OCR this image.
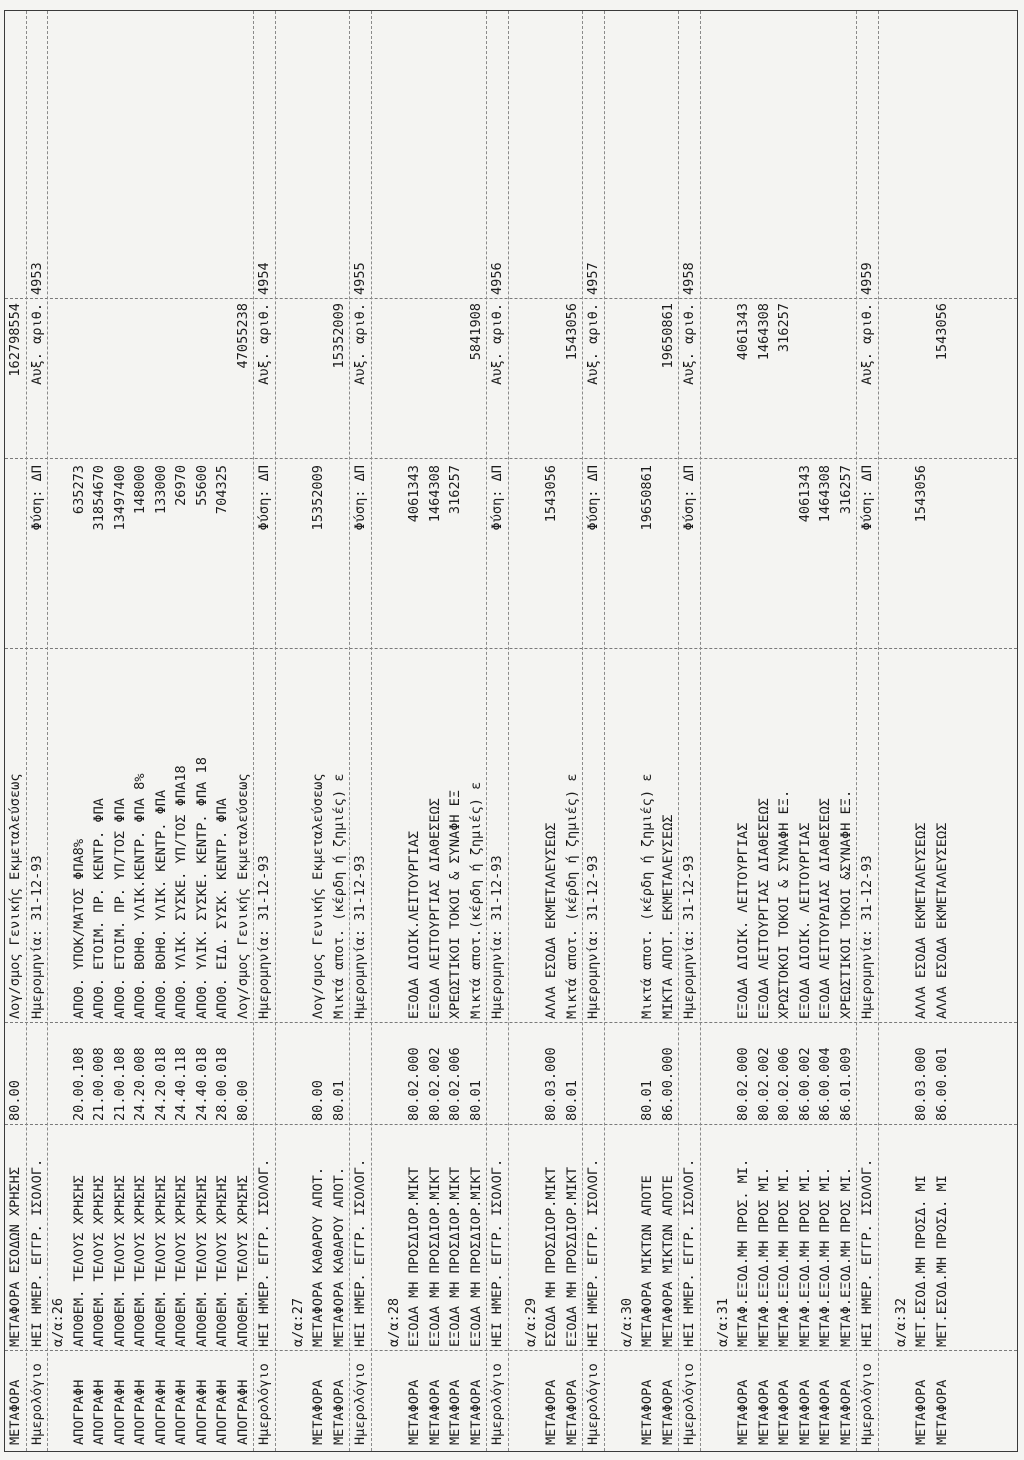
ΜΕΤΑΦΟΡΑ
ΜΕΤΑΦΟΡΑ ΕΣΟΔΩΝ ΧΡΗΣΗΣ
80.00
Λογ/σμος Γενικής Εκμεταλεύσεως
162798554
Ημερολόγιο
ΗΕΙ ΗΜΕΡ. ΕΓΓΡ. ΙΣΟΛΟΓ.
Ημερομηνία: 31-12-93
Φύση: ΔΠ
Αυξ. αριθ.
4953
α/α:26
ΑΠΟΓΡΑΦΗ
ΑΠΟΘΕΜ. ΤΕΛΟΥΣ ΧΡΗΣΗΣ
20.00.108
ΑΠΟΘ. ΥΠΟΚ/ΜΑΤΟΣ ΦΠΑ8%
635273
ΑΠΟΓΡΑΦΗ
ΑΠΟΘΕΜ. ΤΕΛΟΥΣ ΧΡΗΣΗΣ
21.00.008
ΑΠΟΘ. ΕΤΟΙΜ. ΠΡ. ΚΕΝΤΡ. ΦΠΑ
31854670
ΑΠΟΓΡΑΦΗ
ΑΠΟΘΕΜ. ΤΕΛΟΥΣ ΧΡΗΣΗΣ
21.00.108
ΑΠΟΘ. ΕΤΟΙΜ. ΠΡ. ΥΠ/ΤΟΣ ΦΠΑ
13497400
ΑΠΟΓΡΑΦΗ
ΑΠΟΘΕΜ. ΤΕΛΟΥΣ ΧΡΗΣΗΣ
24.20.008
ΑΠΟΘ. ΒΟΗΘ. ΥΛΙΚ.ΚΕΝΤΡ. ΦΠΑ 8%
148000
ΑΠΟΓΡΑΦΗ
ΑΠΟΘΕΜ. ΤΕΛΟΥΣ ΧΡΗΣΗΣ
24.20.018
ΑΠΟΘ. ΒΟΗΘ. ΥΛΙΚ. ΚΕΝΤΡ. ΦΠΑ
133000
ΑΠΟΓΡΑΦΗ
ΑΠΟΘΕΜ. ΤΕΛΟΥΣ ΧΡΗΣΗΣ
24.40.118
ΑΠΟΘ. ΥΛΙΚ. ΣΥΣΚΕ. ΥΠ/ΤΟΣ ΦΠΑ18
26970
ΑΠΟΓΡΑΦΗ
ΑΠΟΘΕΜ. ΤΕΛΟΥΣ ΧΡΗΣΗΣ
24.40.018
ΑΠΟΘ. ΥΛΙΚ. ΣΥΣΚΕ. ΚΕΝΤΡ. ΦΠΑ 18
55600
ΑΠΟΓΡΑΦΗ
ΑΠΟΘΕΜ. ΤΕΛΟΥΣ ΧΡΗΣΗΣ
28.00.018
ΑΠΟΘ. ΕΙΔ. ΣΥΣΚ. ΚΕΝΤΡ. ΦΠΑ
704325
ΑΠΟΓΡΑΦΗ
ΑΠΟΘΕΜ. ΤΕΛΟΥΣ ΧΡΗΣΗΣ
80.00
Λογ/σμος Γενικής Εκμεταλεύσεως
47055238
Ημερολόγιο
ΗΕΙ ΗΜΕΡ. ΕΓΓΡ. ΙΣΟΛΟΓ.
Ημερομηνία: 31-12-93
Φύση: ΔΠ
Αυξ. αριθ.
4954
α/α:27
ΜΕΤΑΦΟΡΑ
ΜΕΤΑΦΟΡΑ ΚΑΘΑΡΟΥ ΑΠΟΤ.
80.00
Λογ/σμος Γενικής Εκμεταλεύσεως
15352009
ΜΕΤΑΦΟΡΑ
ΜΕΤΑΦΟΡΑ ΚΑΘΑΡΟΥ ΑΠΟΤ.
80.01
Μικτά αποτ. (κέρδη ή ζημιές) ε
15352009
Ημερολόγιο
ΗΕΙ ΗΜΕΡ. ΕΓΓΡ. ΙΣΟΛΟΓ.
Ημερομηνία: 31-12-93
Φύση: ΔΠ
Αυξ. αριθ.
4955
α/α:28
ΜΕΤΑΦΟΡΑ
ΕΞΟΔΑ ΜΗ ΠΡΟΣΔΙΟΡ.ΜΙΚΤ
80.02.000
ΕΞΟΔΑ ΔΙΟΙΚ.ΛΕΙΤΟΥΡΓΙΑΣ
4061343
ΜΕΤΑΦΟΡΑ
ΕΞΟΔΑ ΜΗ ΠΡΟΣΔΙΟΡ.ΜΙΚΤ
80.02.002
ΕΞΟΔΑ ΛΕΙΤΟΥΡΓΙΑΣ ΔΙΑΘΕΣΕΩΣ
1464308
ΜΕΤΑΦΟΡΑ
ΕΞΟΔΑ ΜΗ ΠΡΟΣΔΙΟΡ.ΜΙΚΤ
80.02.006
ΧΡΕΩΣΤΙΚΟΙ ΤΟΚΟΙ & ΣΥΝΑΦΗ ΕΞ
316257
ΜΕΤΑΦΟΡΑ
ΕΞΟΔΑ ΜΗ ΠΡΟΣΔΙΟΡ.ΜΙΚΤ
80.01
Μικτά αποτ.(κέρδη ή ζημιές) ε
5841908
Ημερολόγιο
ΗΕΙ ΗΜΕΡ. ΕΓΓΡ. ΙΣΟΛΟΓ.
Ημερομηνία: 31-12-93
Φύση: ΔΠ
Αυξ. αριθ.
4956
α/α:29
ΜΕΤΑΦΟΡΑ
ΕΣΟΔΑ ΜΗ ΠΡΟΣΔΙΟΡ.ΜΙΚΤ
80.03.000
ΑΛΛΑ ΕΣΟΔΑ ΕΚΜΕΤΑΛΕΥΣΕΩΣ
1543056
ΜΕΤΑΦΟΡΑ
ΕΞΟΔΑ ΜΗ ΠΡΟΣΔΙΟΡ.ΜΙΚΤ
80.01
Μικτά αποτ. (κέρδη ή ζημιές) ε
1543056
Ημερολόγιο
ΗΕΙ ΗΜΕΡ. ΕΓΓΡ. ΙΣΟΛΟΓ.
Ημερομηνία: 31-12-93
Φύση: ΔΠ
Αυξ. αριθ.
4957
α/α:30
ΜΕΤΑΦΟΡΑ
ΜΕΤΑΦΟΡΑ ΜΙΚΤΩΝ ΑΠΟΤΕ
80.01
Μικτά αποτ. (κέρδη ή ζημιές) ε
19650861
ΜΕΤΑΦΟΡΑ
ΜΕΤΑΦΟΡΑ ΜΙΚΤΩΝ ΑΠΟΤΕ
86.00.000
ΜΙΚΤΑ ΑΠΟΤ. ΕΚΜΕΤΑΛΕΥΣΕΩΣ
19650861
Ημερολόγιο
ΗΕΙ ΗΜΕΡ. ΕΓΓΡ. ΙΣΟΛΟΓ.
Ημερομηνία: 31-12-93
Φύση: ΔΠ
Αυξ. αριθ.
4958
α/α:31
ΜΕΤΑΦΟΡΑ
ΜΕΤΑΦ.ΕΞΟΔ.ΜΗ ΠΡΟΣ. ΜΙ.
80.02.000
ΕΞΟΔΑ ΔΙΟΙΚ. ΛΕΙΤΟΥΡΓΙΑΣ
4061343
ΜΕΤΑΦΟΡΑ
ΜΕΤΑΦ.ΕΞΟΔ.ΜΗ ΠΡΟΣ ΜΙ.
80.02.002
ΕΞΟΔΑ ΛΕΙΤΟΥΡΓΙΑΣ ΔΙΑΘΕΣΕΩΣ
1464308
ΜΕΤΑΦΟΡΑ
ΜΕΤΑΦ.ΕΞΟΔ.ΜΗ ΠΡΟΣ ΜΙ.
80.02.006
ΧΡΩΣΤΟΚΟΙ ΤΟΚΟΙ & ΣΥΝΑΦΗ ΕΞ.
316257
ΜΕΤΑΦΟΡΑ
ΜΕΤΑΦ.ΕΞΟΔ.ΜΗ ΠΡΟΣ ΜΙ.
86.00.002
ΕΞΟΔΑ ΔΙΟΙΚ. ΛΕΙΤΟΥΡΓΙΑΣ
4061343
ΜΕΤΑΦΟΡΑ
ΜΕΤΑΦ.ΕΞΟΔ.ΜΗ ΠΡΟΣ ΜΙ.
86.00.004
ΕΞΟΔΑ ΛΕΙΤΟΥΡΔΙΑΣ ΔΙΑΘΕΣΕΩΣ
1464308
ΜΕΤΑΦΟΡΑ
ΜΕΤΑΦ.ΕΞΟΔ.ΜΗ ΠΡΟΣ ΜΙ.
86.01.009
ΧΡΕΩΣΤΙΚΟΙ ΤΟΚΟΙ &ΣΥΝΑΦΗ ΕΞ.
316257
Ημερολόγιο
ΗΕΙ ΗΜΕΡ. ΕΓΓΡ. ΙΣΟΛΟΓ.
Ημερομηνία: 31-12-93
Φύση: ΔΠ
Αυξ. αριθ.
4959
α/α:32
ΜΕΤΑΦΟΡΑ
ΜΕΤ.ΕΣΟΔ.ΜΗ ΠΡΟΣΔ. ΜΙ
80.03.000
ΑΛΛΑ ΕΣΟΔΑ ΕΚΜΕΤΑΛΕΥΣΕΩΣ
1543056
ΜΕΤΑΦΟΡΑ
ΜΕΤ.ΕΣΟΔ.ΜΗ ΠΡΟΣΔ. ΜΙ
86.00.001
ΑΛΛΑ ΕΣΟΔΑ ΕΚΜΕΤΑΛΕΥΣΕΩΣ
1543056
